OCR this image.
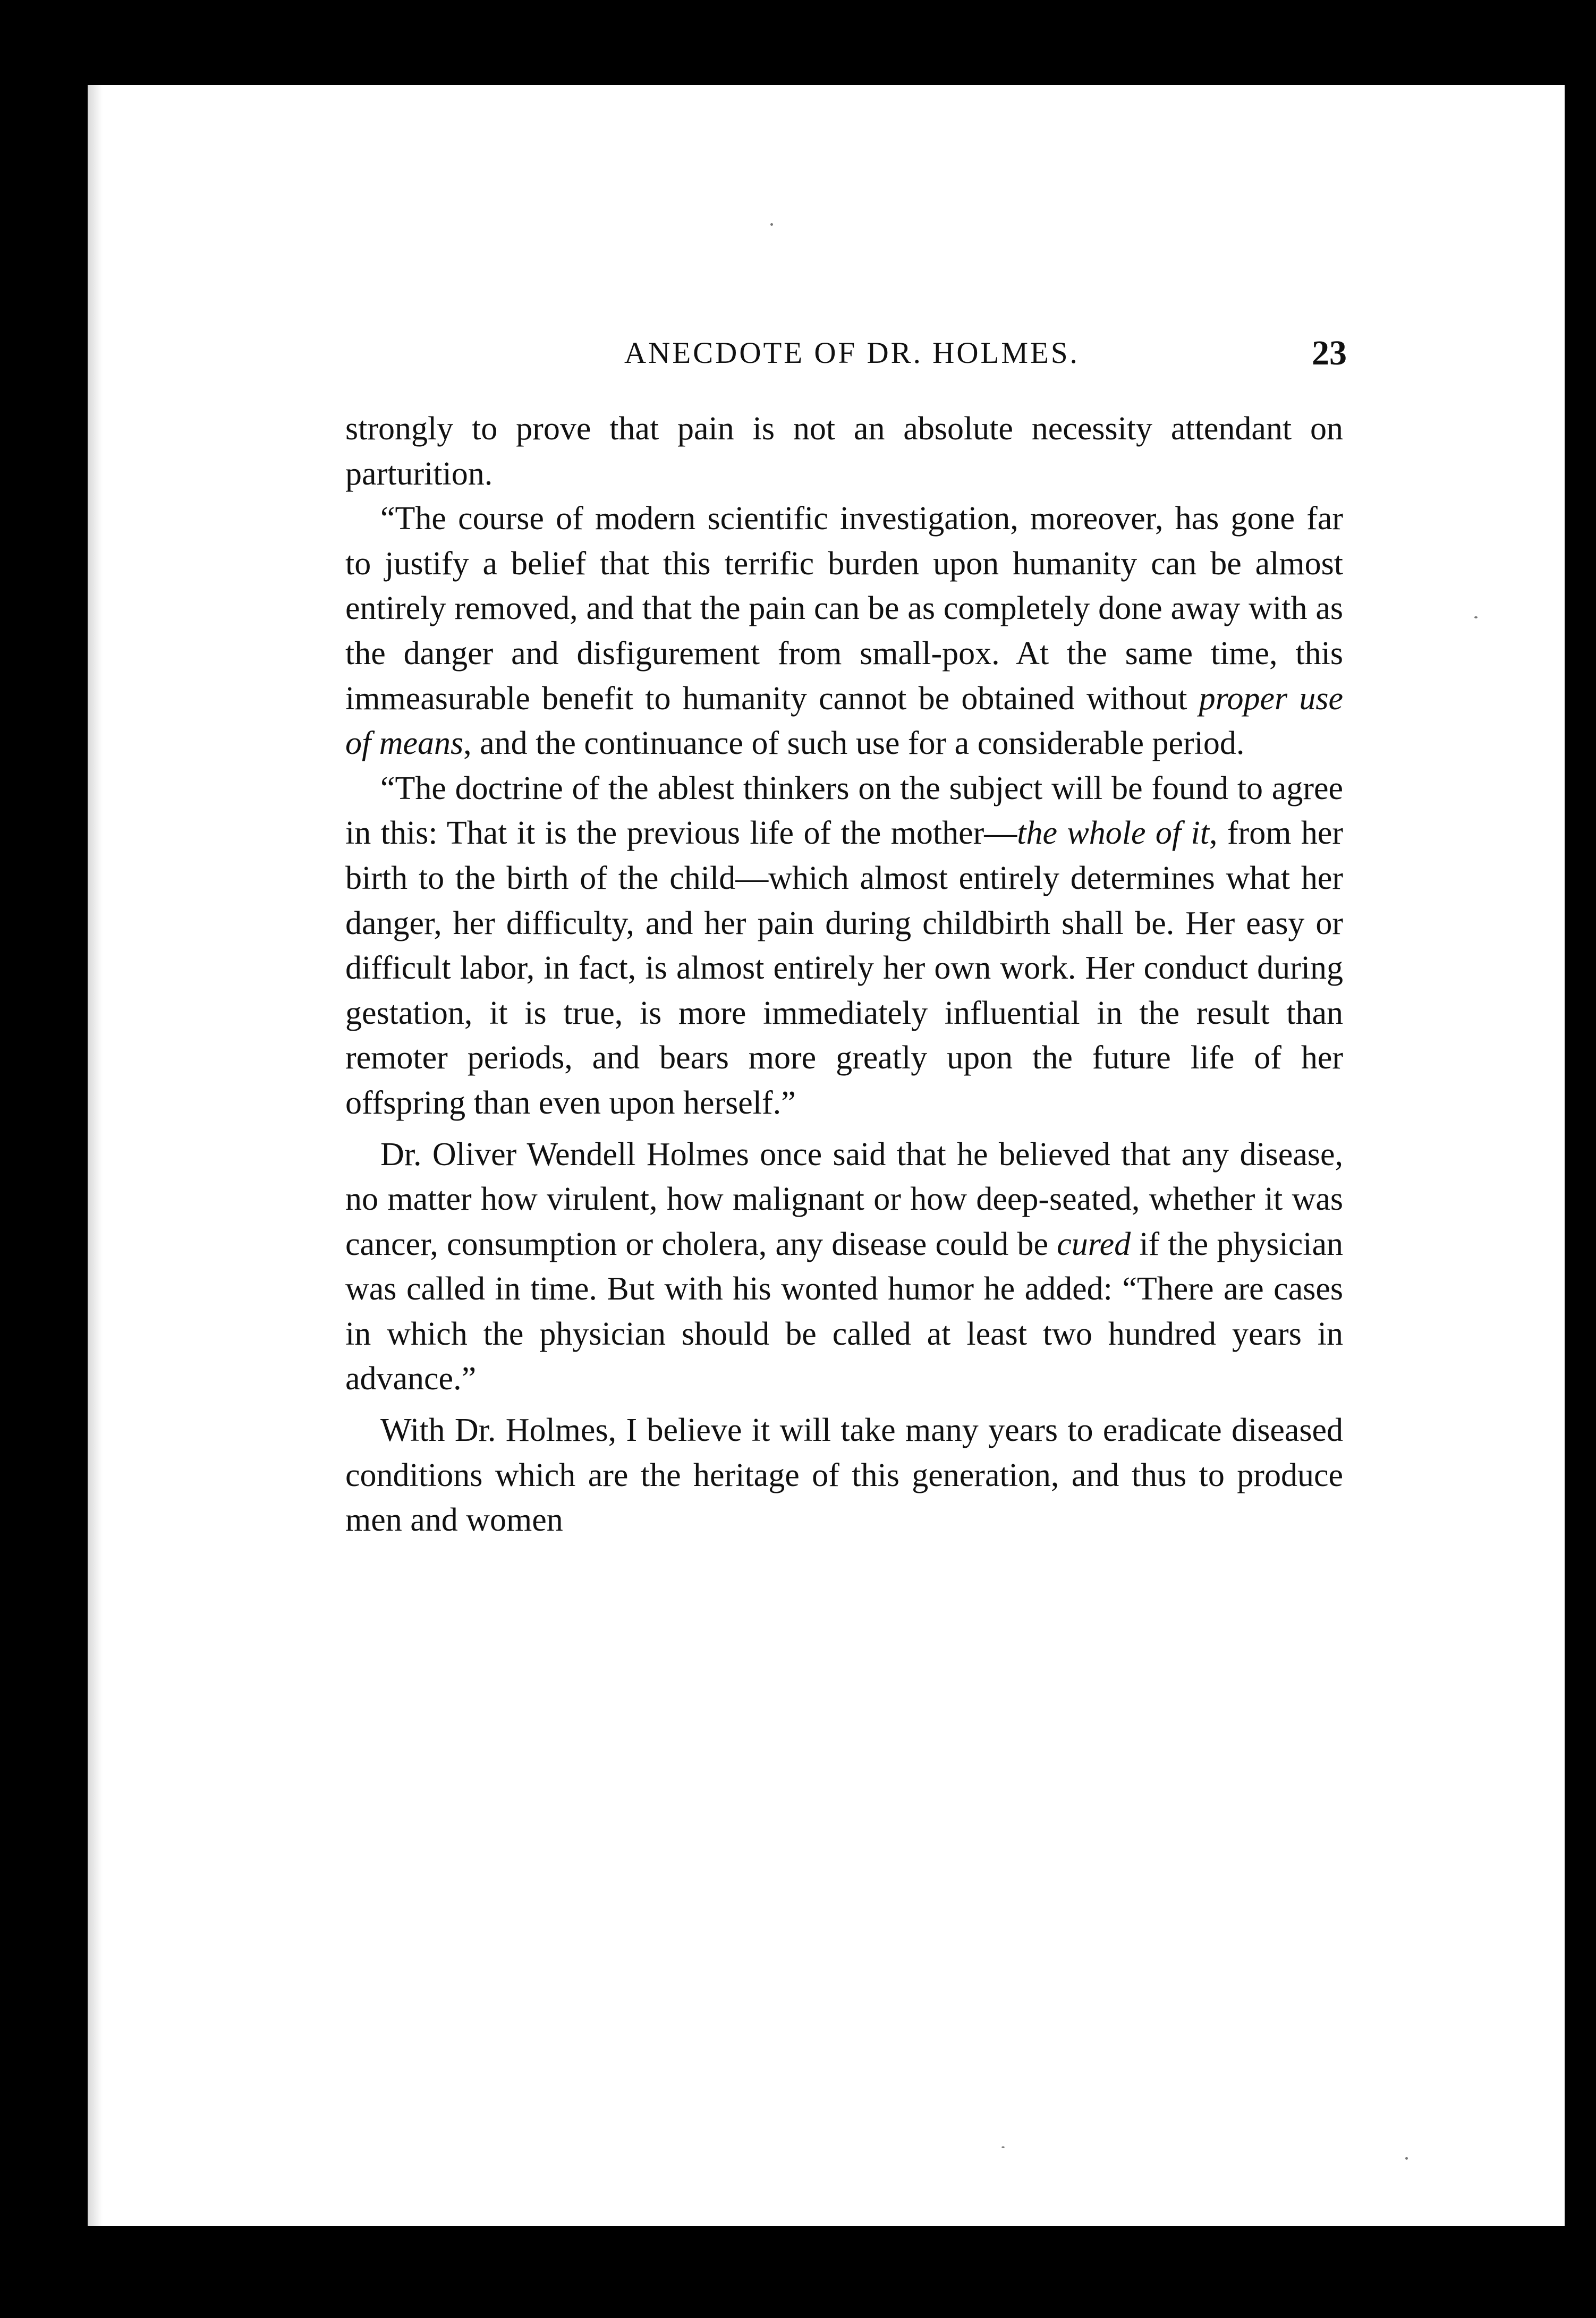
ANECDOTE OF DR. HOLMES.	23

strongly to prove that pain is not an absolute necessity attendant on parturition.

“The course of modern scientific investigation, moreover, has gone far to justify a belief that this terrific burden upon humanity can be almost entirely removed, and that the pain can be as completely done away with as the danger and disfigurement from small-pox. At the same time, this immeasurable benefit to humanity cannot be obtained without proper use of means, and the continuance of such use for a considerable period.

“The doctrine of the ablest thinkers on the subject will be found to agree in this: That it is the previous life of the mother—the whole of it, from her birth to the birth of the child—which almost entirely determines what her danger, her difficulty, and her pain during childbirth shall be. Her easy or difficult labor, in fact, is almost entirely her own work. Her conduct during gestation, it is true, is more immediately influential in the result than remoter periods, and bears more greatly upon the future life of her offspring than even upon herself.”

Dr. Oliver Wendell Holmes once said that he believed that any disease, no matter how virulent, how malignant or how deep-seated, whether it was cancer, consumption or cholera, any disease could be cured if the physician was called in time. But with his wonted humor he added: “There are cases in which the physician should be called at least two hundred years in advance.”

With Dr. Holmes, I believe it will take many years to eradicate diseased conditions which are the heritage of this generation, and thus to produce men and women
